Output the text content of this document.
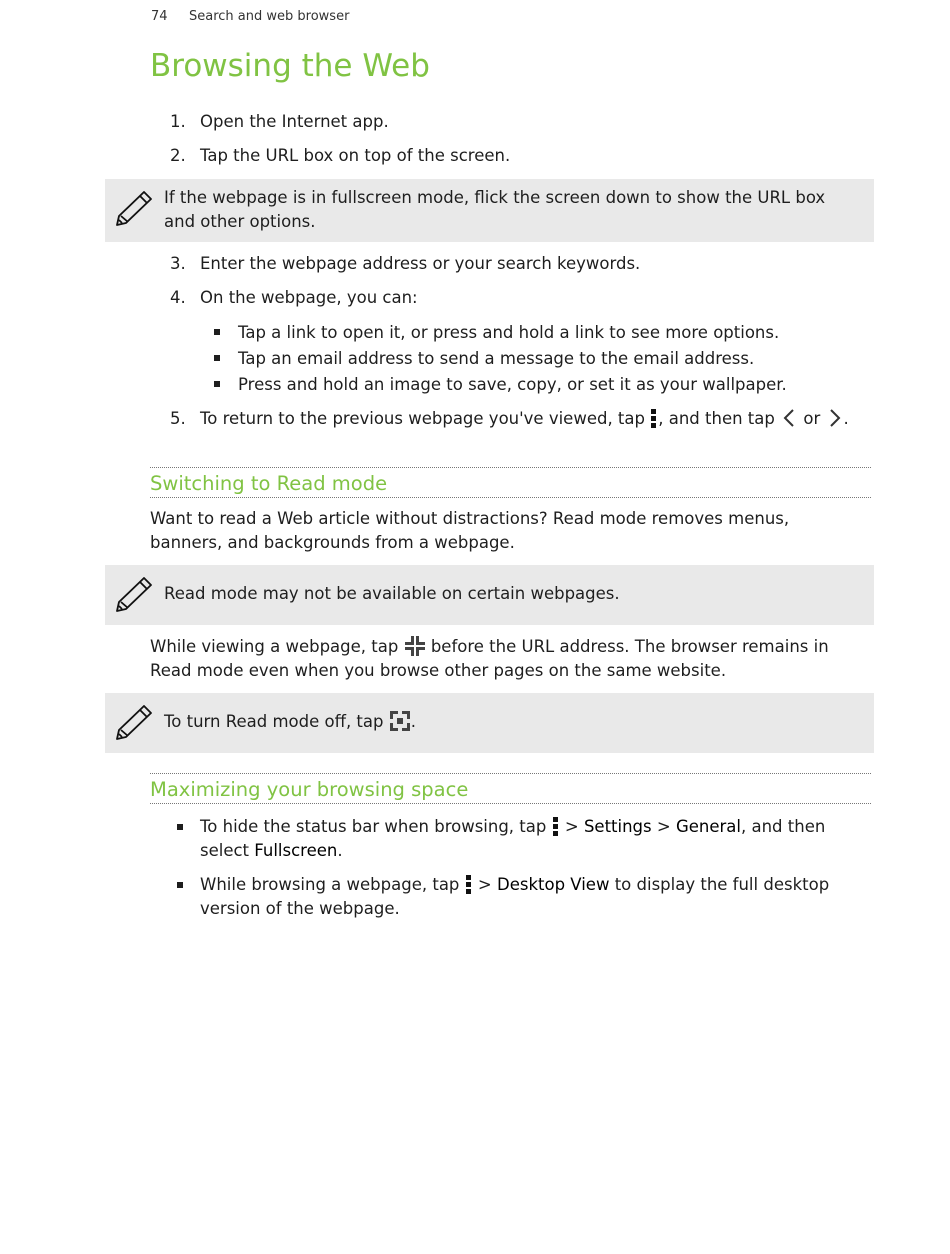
74 Search and web browser
Browsing the Web
1. Open the Internet app.
2. Tap the URL box on top of the screen.
If the webpage is in fullscreen mode, flick the screen down to show the URL box
and other options.
3. Enter the webpage address or your search keywords.
4. On the webpage, you can:
Tap a link to open it, or press and hold a link to see more options.
Tap an email address to send a message to the email address.
Press and hold an image to save, copy, or set it as your wallpaper.
5. To return to the previous webpage you've viewed, tap , and then tap or .
Switching to Read mode
Want to read a Web article without distractions? Read mode removes menus,
banners, and backgrounds from a webpage.
Read mode may not be available on certain webpages.
While viewing a webpage, tap before the URL address. The browser remains in
Read mode even when you browse other pages on the same website.
To turn Read mode off, tap .
Maximizing your browsing space
To hide the status bar when browsing, tap > Settings > General, and then
select Fullscreen.
While browsing a webpage, tap > Desktop View to display the full desktop
version of the webpage.
